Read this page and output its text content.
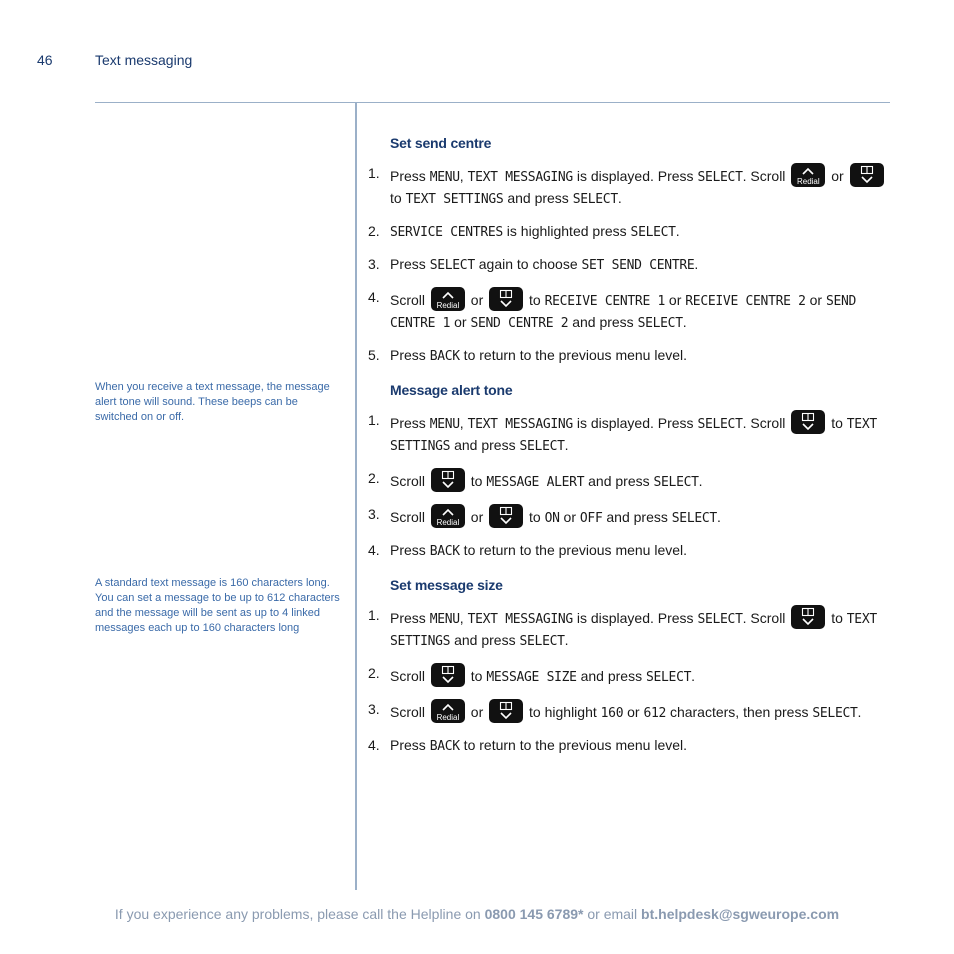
46	Text messaging
When you receive a text message, the message alert tone will sound. These beeps can be switched on or off.
A standard text message is 160 characters long. You can set a message to be up to 612 characters and the message will be sent as up to 4 linked messages each up to 160 characters long
Set send centre
1. Press MENU, TEXT MESSAGING is displayed. Press SELECT. Scroll Redial or
to TEXT SETTINGS and press SELECT.
2. SERVICE CENTRES is highlighted press SELECT.
3. Press SELECT again to choose SET SEND CENTRE.
4. Scroll Redial or	to RECEIVE CENTRE 1 or RECEIVE CENTRE 2 or SEND CENTRE 1 or SEND CENTRE 2 and press SELECT.
5. Press BACK to return to the previous menu level.
Message alert tone
1. Press MENU, TEXT MESSAGING is displayed. Press SELECT. Scroll	to TEXT SETTINGS and press SELECT.
2. Scroll	to MESSAGE ALERT and press SELECT.
3. Scroll Redial or	to ON or OFF and press SELECT.
4. Press BACK to return to the previous menu level.
Set message size
1. Press MENU, TEXT MESSAGING is displayed. Press SELECT. Scroll	to TEXT SETTINGS and press SELECT.
2. Scroll	to MESSAGE SIZE and press SELECT.
3. Scroll Redial or	to highlight 160 or 612 characters, then press SELECT.
4. Press BACK to return to the previous menu level.
If you experience any problems, please call the Helpline on 0800 145 6789* or email bt.helpdesk@sgweurope.com
